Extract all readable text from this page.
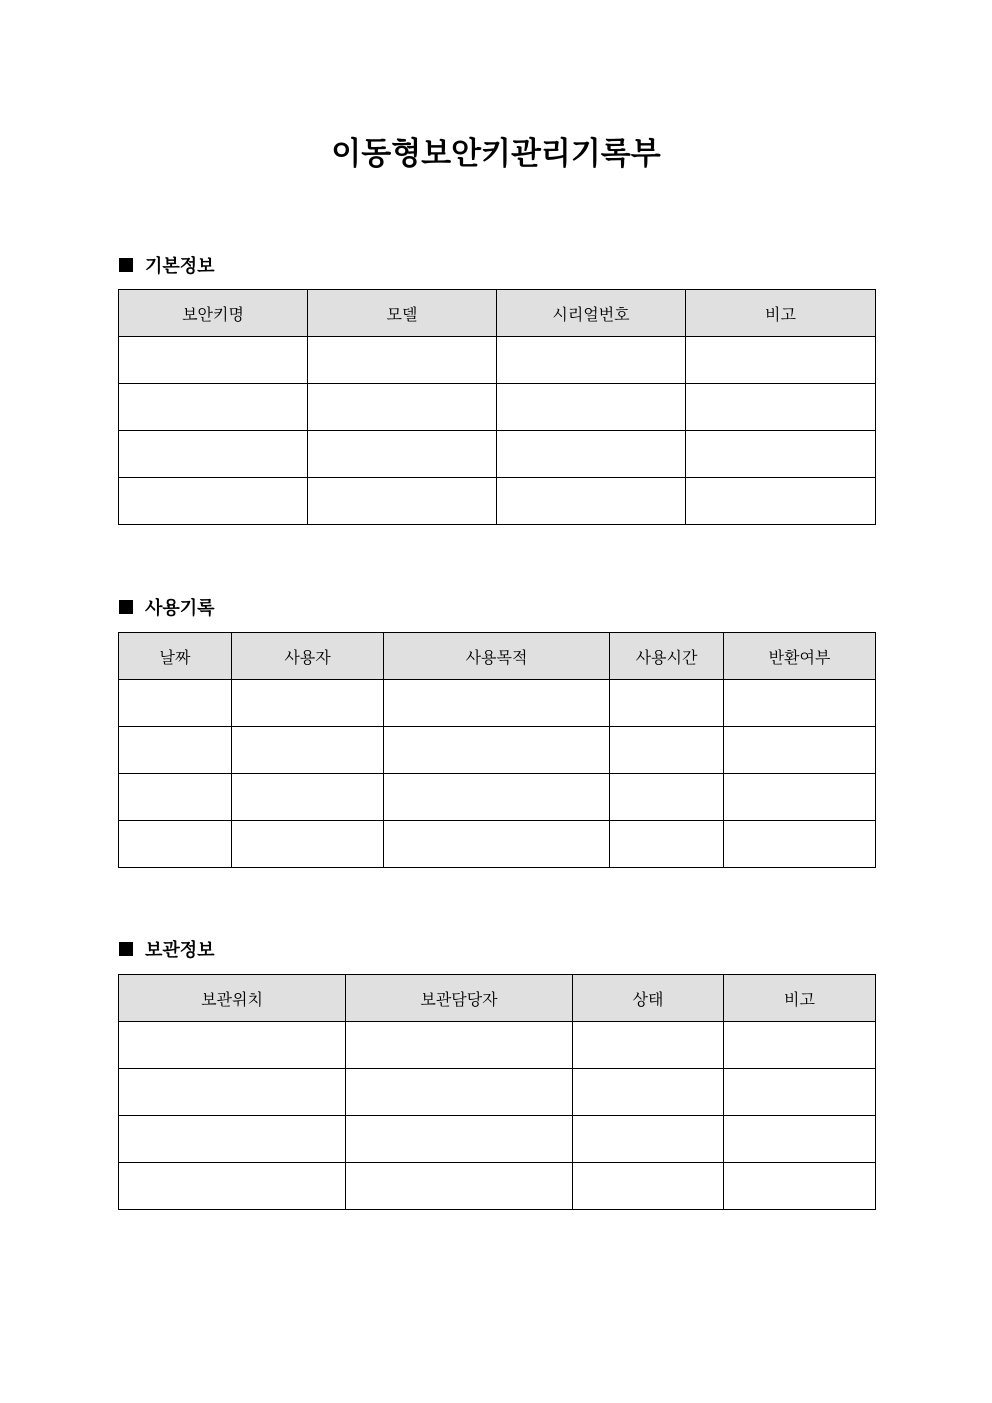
이동형보안키관리기록부
기본정보
보안키명	모델	시리얼번호	비고

사용기록
날짜	사용자	사용목적	사용시간	반환여부

보관정보
보관위치	보관담당자	상태	비고
